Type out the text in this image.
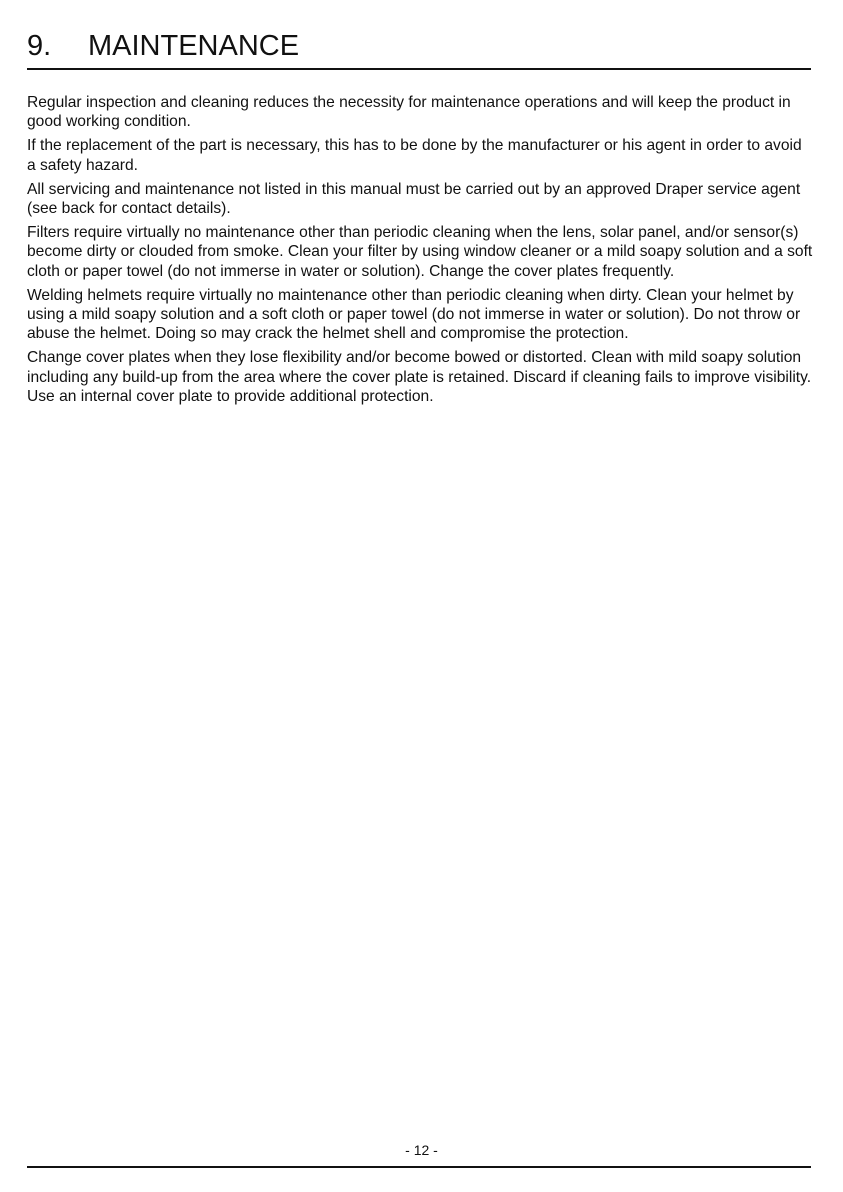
9. MAINTENANCE

Regular inspection and cleaning reduces the necessity for maintenance operations and will keep the product in good working condition.

If the replacement of the part is necessary, this has to be done by the manufacturer or his agent in order to avoid a safety hazard.

All servicing and maintenance not listed in this manual must be carried out by an approved Draper service agent (see back for contact details).

Filters require virtually no maintenance other than periodic cleaning when the lens, solar panel, and/or sensor(s) become dirty or clouded from smoke. Clean your filter by using window cleaner or a mild soapy solution and a soft cloth or paper towel (do not immerse in water or solution). Change the cover plates frequently.

Welding helmets require virtually no maintenance other than periodic cleaning when dirty. Clean your helmet by using a mild soapy solution and a soft cloth or paper towel (do not immerse in water or solution). Do not throw or abuse the helmet. Doing so may crack the helmet shell and compromise the protection.

Change cover plates when they lose flexibility and/or become bowed or distorted. Clean with mild soapy solution including any build-up from the area where the cover plate is retained. Discard if cleaning fails to improve visibility. Use an internal cover plate to provide additional protection.

- 12 -
